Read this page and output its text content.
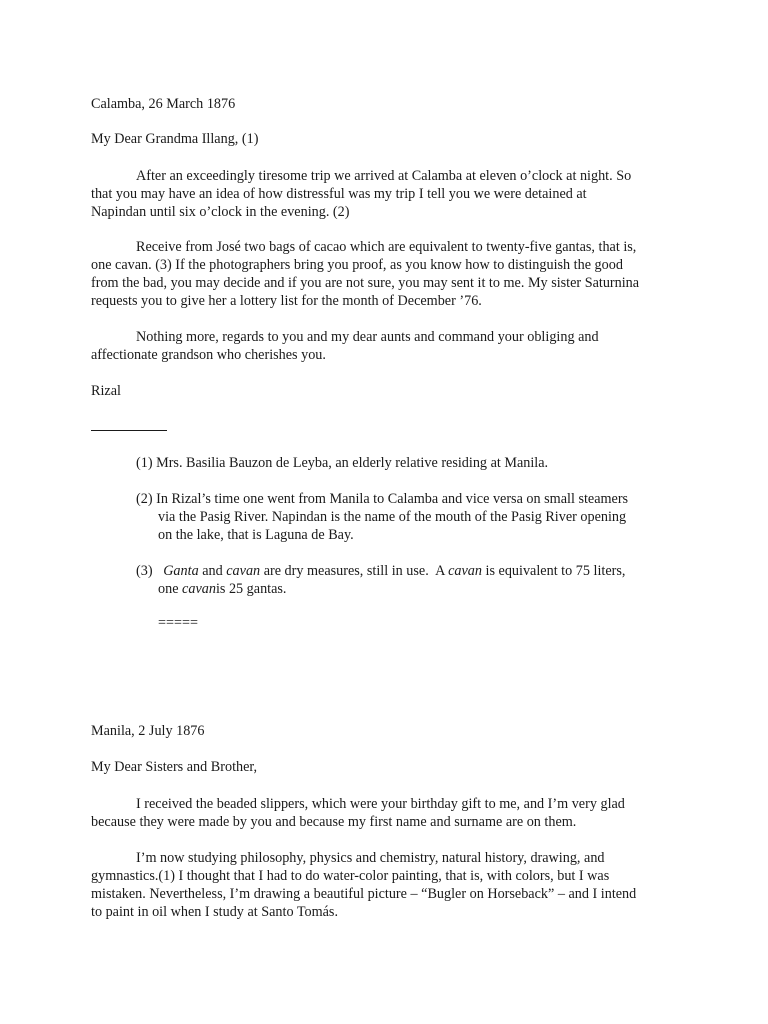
Calamba, 26 March 1876
My Dear Grandma Illang, (1)
After an exceedingly tiresome trip we arrived at Calamba at eleven o’clock at night. So
that you may have an idea of how distressful was my trip I tell you we were detained at
Napindan until six o’clock in the evening. (2)
Receive from José two bags of cacao which are equivalent to twenty-five gantas, that is,
one cavan. (3) If the photographers bring you proof, as you know how to distinguish the good
from the bad, you may decide and if you are not sure, you may sent it to me. My sister Saturnina
requests you to give her a lottery list for the month of December ’76.
Nothing more, regards to you and my dear aunts and command your obliging and
affectionate grandson who cherishes you.
Rizal
(1) Mrs. Basilia Bauzon de Leyba, an elderly relative residing at Manila.
(2) In Rizal’s time one went from Manila to Calamba and vice versa on small steamers
via the Pasig River. Napindan is the name of the mouth of the Pasig River opening
on the lake, that is Laguna de Bay.
(3)   Ganta and cavan are dry measures, still in use.  A cavan is equivalent to 75 liters,
one cavanis 25 gantas.
=====
Manila, 2 July 1876
My Dear Sisters and Brother,
I received the beaded slippers, which were your birthday gift to me, and I’m very glad
because they were made by you and because my first name and surname are on them.
I’m now studying philosophy, physics and chemistry, natural history, drawing, and
gymnastics.(1) I thought that I had to do water-color painting, that is, with colors, but I was
mistaken. Nevertheless, I’m drawing a beautiful picture – “Bugler on Horseback” – and I intend
to paint in oil when I study at Santo Tomás.
